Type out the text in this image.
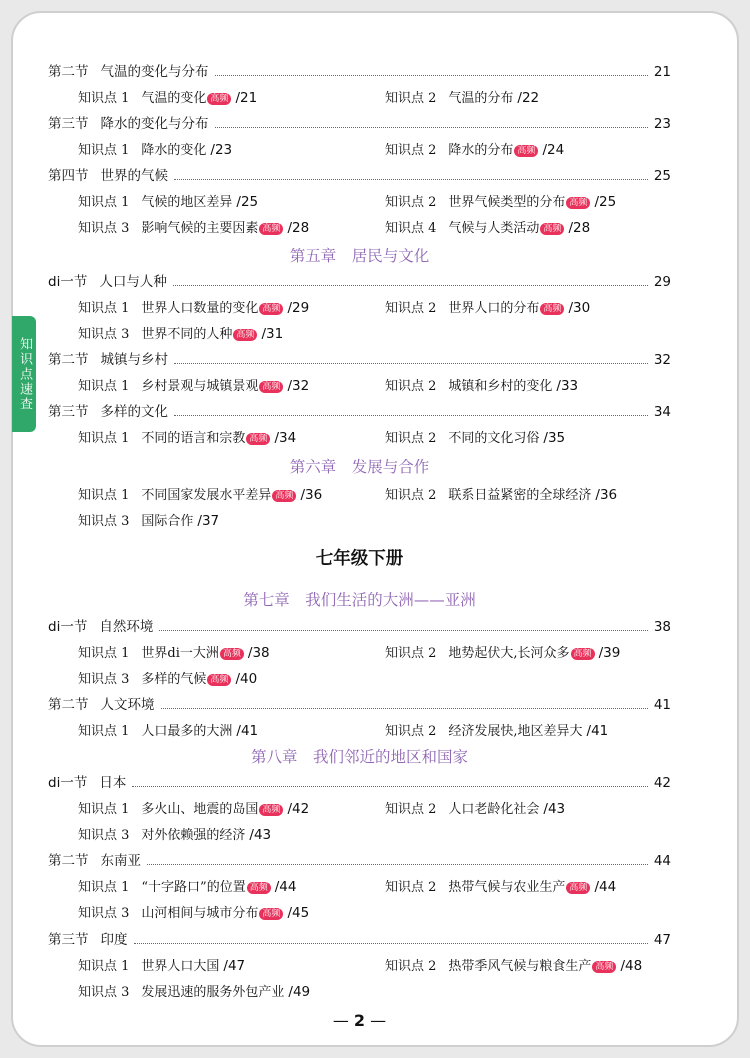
知识点速查
第五章　居民与文化
第六章　发展与合作
七年级下册
第七章　我们生活的大洲——亚洲
第八章　我们邻近的地区和国家
第二节 气温的变化与分布	21
知识点 1 气温的变化 高频 /21	知识点 2 气温的分布 /22
第三节 降水的变化与分布	23
知识点 1 降水的变化 /23	知识点 2 降水的分布 高频 /24
第四节 世界的气候	25
知识点 1 气候的地区差异 /25	知识点 2 世界气候类型的分布 高频 /25
知识点 3 影响气候的主要因素 高频 /28	知识点 4 气候与人类活动 高频 /28
di一节 人口与人种	29
知识点 1 世界人口数量的变化 高频 /29	知识点 2 世界人口的分布 高频 /30
知识点 3 世界不同的人种 高频 /31
第二节 城镇与乡村	32
知识点 1 乡村景观与城镇景观 高频 /32	知识点 2 城镇和乡村的变化 /33
第三节 多样的文化	34
知识点 1 不同的语言和宗教 高频 /34	知识点 2 不同的文化习俗 /35
知识点 1 不同国家发展水平差异 高频 /36	知识点 2 联系日益紧密的全球经济 /36
知识点 3 国际合作 /37
di一节 自然环境	38
知识点 1 世界di一大洲 高频 /38	知识点 2 地势起伏大,长河众多 高频 /39
知识点 3 多样的气候 高频 /40
第二节 人文环境	41
知识点 1 人口最多的大洲 /41	知识点 2 经济发展快,地区差异大 /41
di一节 日本	42
知识点 1 多火山、地震的岛国 高频 /42	知识点 2 人口老龄化社会 /43
知识点 3 对外依赖强的经济 /43
第二节 东南亚	44
知识点 1 “十字路口”的位置 高频 /44	知识点 2 热带气候与农业生产 高频 /44
知识点 3 山河相间与城市分布 高频 /45
第三节 印度	47
知识点 1 世界人口大国 /47	知识点 2 热带季风气候与粮食生产 高频 /48
知识点 3 发展迅速的服务外包产业 /49
— 2 —
